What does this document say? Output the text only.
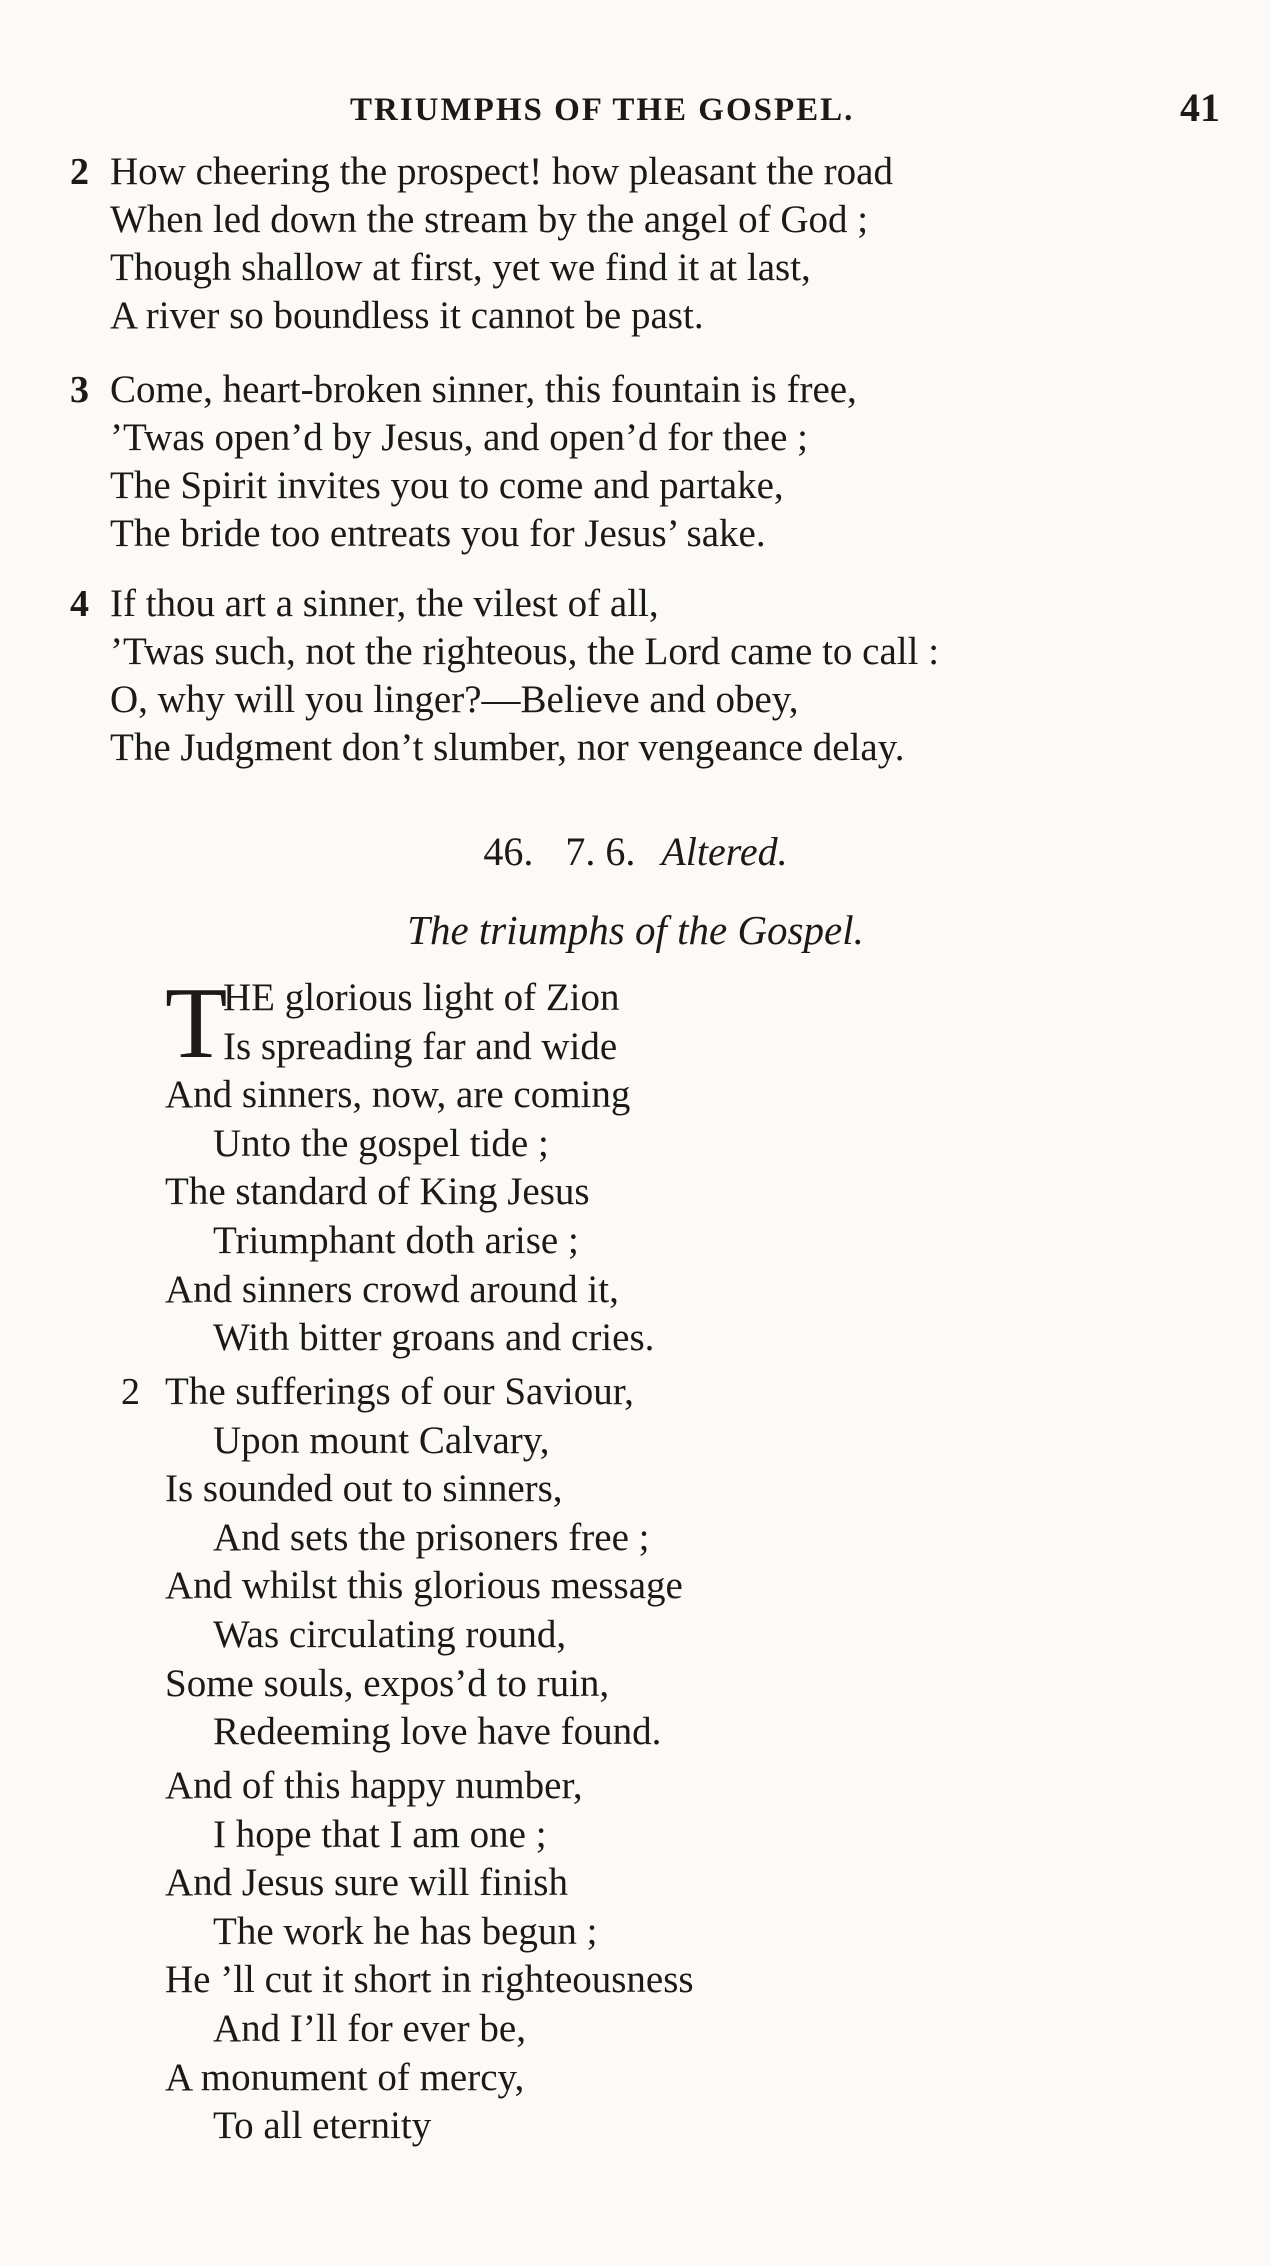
TRIUMPHS OF THE GOSPEL.	41
2 How cheering the prospect! how pleasant the road
When led down the stream by the angel of God ;
Though shallow at first, yet we find it at last,
A river so boundless it cannot be past.
3 Come, heart-broken sinner, this fountain is free,
’Twas open’d by Jesus, and open’d for thee ;
The Spirit invites you to come and partake,
The bride too entreats you for Jesus’ sake.
4 If thou art a sinner, the vilest of all,
’Twas such, not the righteous, the Lord came to call :
O, why will you linger?—Believe and obey,
The Judgment don’t slumber, nor vengeance delay.
46. 7. 6. Altered.
The triumphs of the Gospel.
T
HE glorious light of Zion
Is spreading far and wide
And sinners, now, are coming
Unto the gospel tide ;
The standard of King Jesus
Triumphant doth arise ;
And sinners crowd around it,
With bitter groans and cries.
2 The sufferings of our Saviour,
Upon mount Calvary,
Is sounded out to sinners,
And sets the prisoners free ;
And whilst this glorious message
Was circulating round,
Some souls, expos’d to ruin,
Redeeming love have found.
And of this happy number,
I hope that I am one ;
And Jesus sure will finish
The work he has begun ;
He ’ll cut it short in righteousness
And I’ll for ever be,
A monument of mercy,
To all eternity
